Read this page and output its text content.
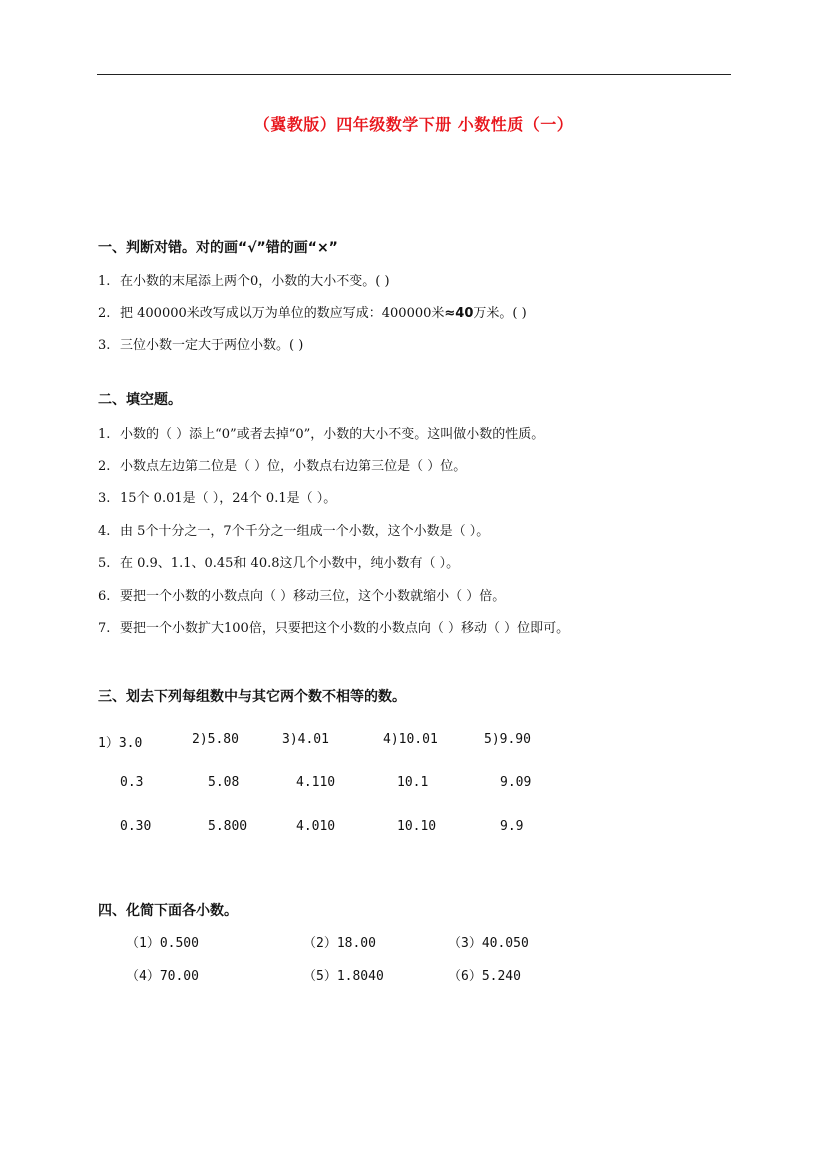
（冀教版）四年级数学下册 小数性质（一）
一、判断对错。对的画“√”错的画“×”
1. 在小数的末尾添上两个0，小数的大小不变。( )
2. 把 400000米改写成以万为单位的数应写成：400000米≈40万米。( )
3. 三位小数一定大于两位小数。( )
二、填空题。
1. 小数的（ ）添上“0”或者去掉“0”，小数的大小不变。这叫做小数的性质。
2. 小数点左边第二位是（ ）位，小数点右边第三位是（ ）位。
3. 15个 0.01是（ ），24个 0.1是（ ）。
4. 由 5个十分之一，7个千分之一组成一个小数，这个小数是（ ）。
5. 在 0.9、1.1、0.45和 40.8这几个小数中，纯小数有（ ）。
6. 要把一个小数的小数点向（ ）移动三位，这个小数就缩小（ ）倍。
7. 要把一个小数扩大100倍，只要把这个小数的小数点向（ ）移动（ ）位即可。
三、划去下列每组数中与其它两个数不相等的数。
1）3.0	2)5.80	3)4.01	4)10.01	5)9.90
0.3	5.08	4.110	10.1	9.09
0.30	5.800	4.010	10.10	9.9
四、化简下面各小数。
（1）0.500	（2）18.00	（3）40.050
（4）70.00	（5）1.8040	（6）5.240
